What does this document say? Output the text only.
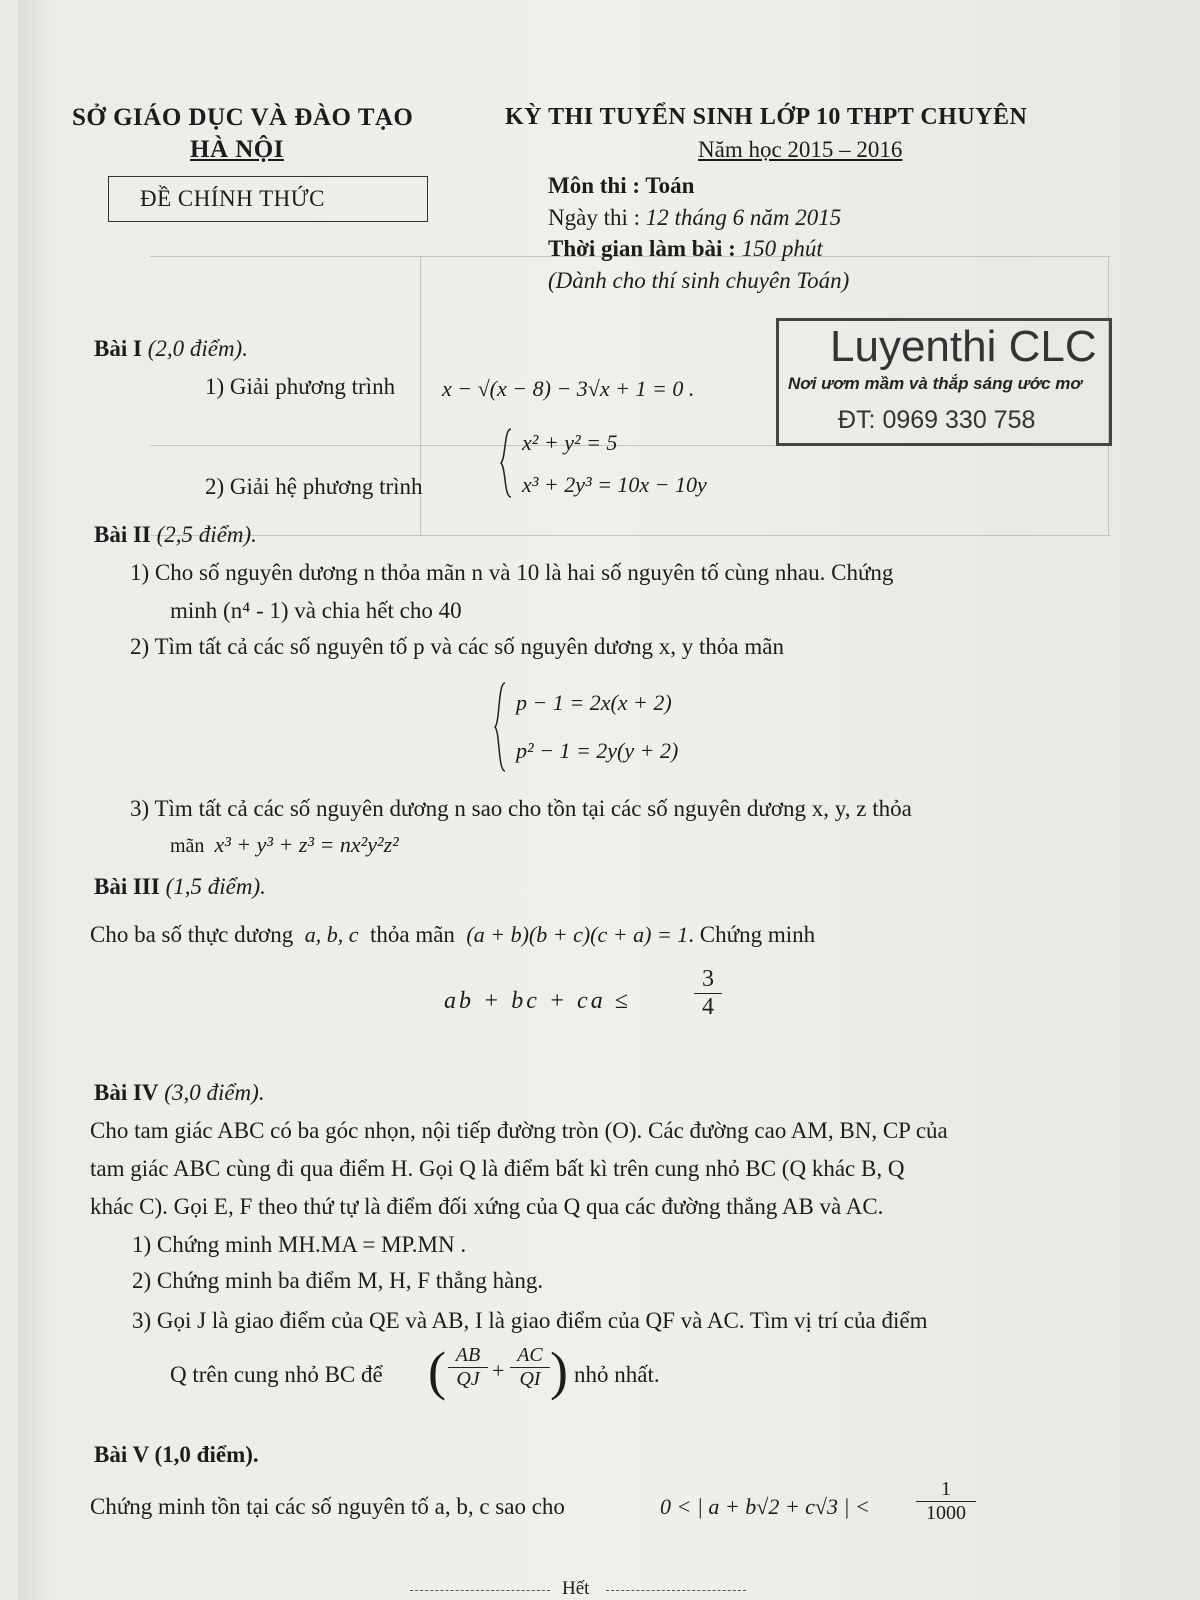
SỞ GIÁO DỤC VÀ ĐÀO TẠO
HÀ NỘI
KỲ THI TUYỂN SINH LỚP 10 THPT CHUYÊN
Năm học 2015 – 2016
ĐỀ CHÍNH THỨC
Môn thi : Toán
Ngày thi : 12 tháng 6 năm 2015
Thời gian làm bài : 150 phút
(Dành cho thí sinh chuyên Toán)
Luyenthi CLC
Nơi ươm mầm và thắp sáng ước mơ
ĐT: 0969 330 758
Bài I (2,0 điểm).
1) Giải phương trình x − √(x − 8) − 3√x + 1 = 0 .
2) Giải hệ phương trình
x² + y² = 5
x³ + 2y³ = 10x − 10y
Bài II (2,5 điểm).
1) Cho số nguyên dương n thỏa mãn n và 10 là hai số nguyên tố cùng nhau. Chứng
minh (n⁴ - 1) và chia hết cho 40
2) Tìm tất cả các số nguyên tố p và các số nguyên dương x, y thỏa mãn
p − 1 = 2x(x + 2)
p² − 1 = 2y(y + 2)
3) Tìm tất cả các số nguyên dương n sao cho tồn tại các số nguyên dương x, y, z thỏa
mãn x³ + y³ + z³ = nx²y²z²
Bài III (1,5 điểm).
Cho ba số thực dương a, b, c thỏa mãn (a + b)(b + c)(c + a) = 1. Chứng minh
ab + bc + ca ≤	$\frac{3}{4}$
Bài IV (3,0 điểm).
Cho tam giác ABC có ba góc nhọn, nội tiếp đường tròn (O). Các đường cao AM, BN, CP của
tam giác ABC cùng đi qua điểm H. Gọi Q là điểm bất kì trên cung nhỏ BC (Q khác B, Q
khác C). Gọi E, F theo thứ tự là điểm đối xứng của Q qua các đường thẳng AB và AC.
1) Chứng minh MH.MA = MP.MN .
2) Chứng minh ba điểm M, H, F thẳng hàng.
3) Gọi J là giao điểm của QE và AB, I là giao điểm của QF và AC. Tìm vị trí của điểm
Q trên cung nhỏ BC để ( $\frac{AB}{QJ} + \frac{AC}{QI}$ ) nhỏ nhất.
Bài V (1,0 điểm).
Chứng minh tồn tại các số nguyên tố a, b, c sao cho	0 < | a + b√2 + c√3 | < $\frac{1}{1000}$
Hết
